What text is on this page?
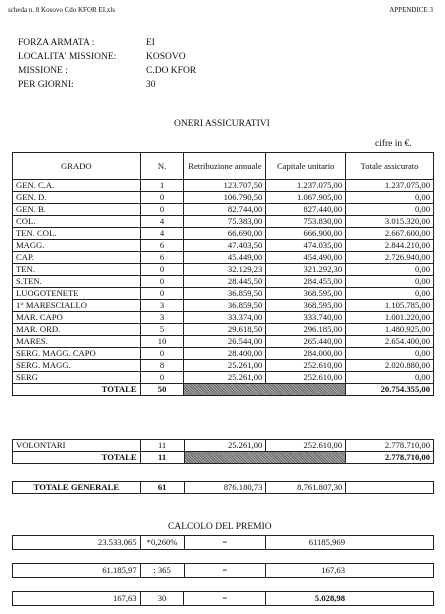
scheda n. 8 Kosovo Cdo KFOR EI.xls	APPENDICE 3
FORZA ARMATA :	EI
LOCALITA' MISSIONE:	KOSOVO
MISSIONE :	C.DO KFOR
PER GIORNI:	30
ONERI ASSICURATIVI
cifre in €.
GRADO	N.	Retribuzione annuale	Capitale unitario	Totale assicurato
GEN. C.A.	1	123.707,50	1.237.075,00	1.237.075,00
GEN. D.	0	106.790,50	1.067.905,00	0,00
GEN. B.	0	82.744,00	827.440,00	0,00
COL.	4	75.383,00	753.830,00	3.015.320,00
TEN. COL.	4	66.690,00	666.900,00	2.667.600,00
MAGG.	6	47.403,50	474.035,00	2.844.210,00
CAP.	6	45.449,00	454.490,00	2.726.940,00
TEN.	0	32.129,23	321.292,30	0,00
S.TEN.	0	28.445,50	284.455,00	0,00
LUOGOTENETE	0	36.859,50	368.595,00	0,00
1° MARESCIALLO	3	36.859,50	368.595,00	1.105.785,00
MAR. CAPO	3	33.374,00	333.740,00	1.001.220,00
MAR. ORD.	5	29.618,50	296.185,00	1.480.925,00
MARES.	10	26.544,00	265.440,00	2.654.400,00
SERG. MAGG. CAPO	0	28.400,00	284.000,00	0,00
SERG. MAGG.	8	25.261,00	252.610,00	2.020.880,00
SERG	0	25.261,00	252.610,00	0,00
TOTALE	50			20.754.355,00
VOLONTARI	11	25.261,00	252.610,00	2.778.710,00
TOTALE	11			2.778.710,00
TOTALE GENERALE	61	876.180,73	8.761.807,30	
CALCOLO DEL PREMIO
23.533.065	*0,260%	=	61185,969
61.185,97	: 365	=	167,63
167,63	30	=	5.028,98
